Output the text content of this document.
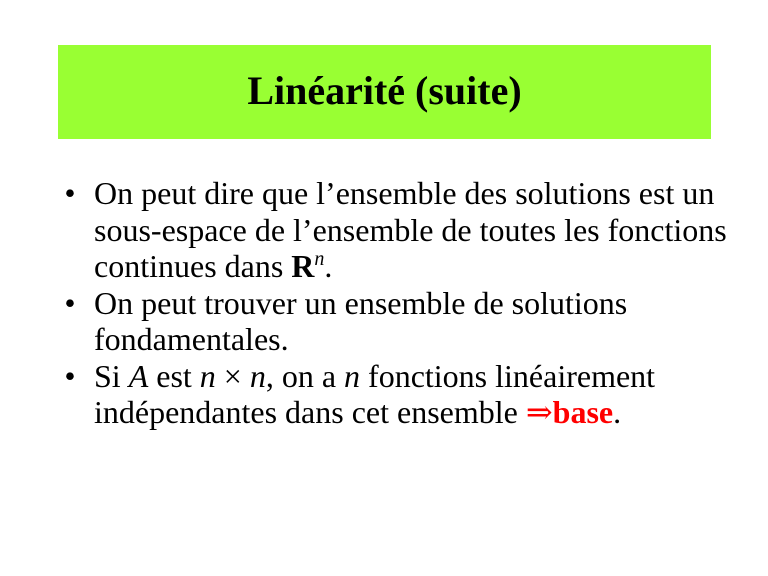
Linéarité (suite)
• On peut dire que l’ensemble des solutions est un sous-espace de l’ensemble de toutes les fonctions continues dans $R^n$.
• On peut trouver un ensemble de solutions fondamentales.
• Si A est n × n, on a n fonctions linéairement indépendantes dans cet ensemble ⇒base.
